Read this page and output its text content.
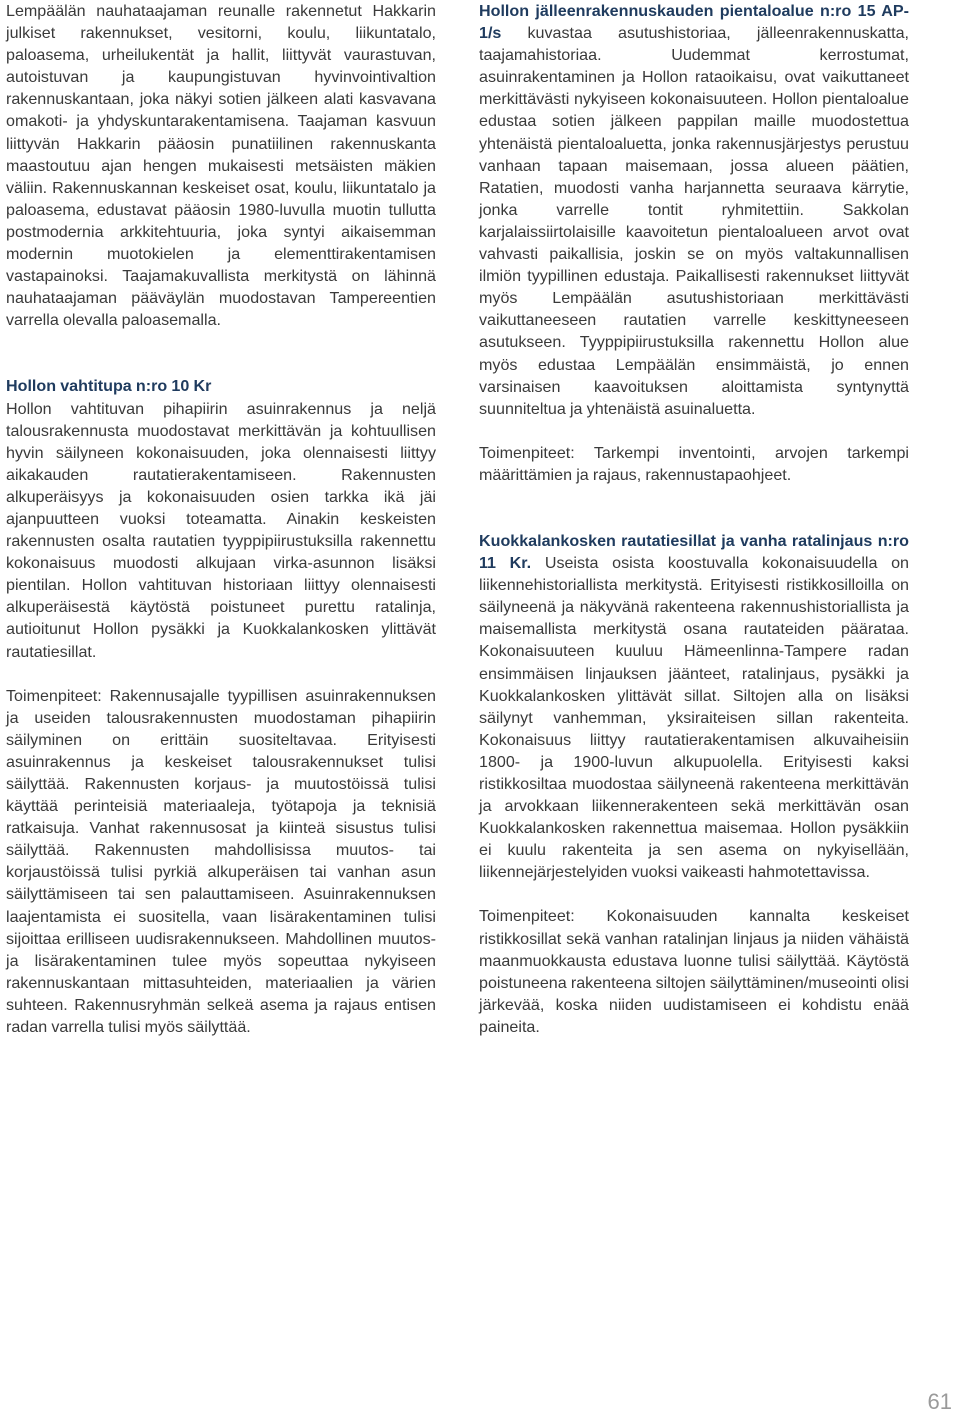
Lempäälän nauhataajaman reunalle rakennetut Hakkarin julkiset rakennukset, vesitorni, koulu, liikuntatalo, paloasema, urheilukentät ja hallit, liittyvät vaurastuvan, autoistuvan ja kaupungistuvan hyvinvointivaltion rakennuskantaan, joka näkyi sotien jälkeen alati kasvavana omakoti- ja yhdyskuntarakentamisena. Taajaman kasvuun liittyvän Hakkarin pääosin punatiilinen rakennuskanta maastoutuu ajan hengen mukaisesti metsäisten mäkien väliin. Rakennuskannan keskeiset osat, koulu, liikuntatalo ja paloasema, edustavat pääosin 1980-luvulla muotin tullutta postmodernia arkkitehtuuria, joka syntyi aikaisemman modernin muotokielen ja elementtirakentamisen vastapainoksi. Taajamakuvallista merkitystä on lähinnä nauhataajaman pääväylän muodostavan Tampereentien varrella olevalla paloasemalla.

Hollon vahtitupa n:ro 10 Kr
Hollon vahtituvan pihapiirin asuinrakennus ja neljä talousrakennusta muodostavat merkittävän ja kohtuullisen hyvin säilyneen kokonaisuuden, joka olennaisesti liittyy aikakauden rautatierakentamiseen. Rakennusten alkuperäisyys ja kokonaisuuden osien tarkka ikä jäi ajanpuutteen vuoksi toteamatta. Ainakin keskeisten rakennusten osalta rautatien tyyppipiirustuksilla rakennettu kokonaisuus muodosti alkujaan virka-asunnon lisäksi pientilan. Hollon vahtituvan historiaan liittyy olennaisesti alkuperäisestä käytöstä poistuneet purettu ratalinja, autioitunut Hollon pysäkki ja Kuokkalankosken ylittävät rautatiesillat.

Toimenpiteet: Rakennusajalle tyypillisen asuinrakennuksen ja useiden talousrakennusten muodostaman pihapiirin säilyminen on erittäin suositeltavaa. Erityisesti asuinrakennus ja keskeiset talousrakennukset tulisi säilyttää. Rakennusten korjaus- ja muutostöissä tulisi käyttää perinteisiä materiaaleja, työtapoja ja teknisiä ratkaisuja. Vanhat rakennusosat ja kiinteä sisustus tulisi säilyttää. Rakennusten mahdollisissa muutos- tai korjaustöissä tulisi pyrkiä alkuperäisen tai vanhan asun säilyttämiseen tai sen palauttamiseen. Asuinrakennuksen laajentamista ei suositella, vaan lisärakentaminen tulisi sijoittaa erilliseen uudisrakennukseen. Mahdollinen muutos- ja lisärakentaminen tulee myös sopeuttaa nykyiseen rakennuskantaan mittasuhteiden, materiaalien ja värien suhteen. Rakennusryhmän selkeä asema ja rajaus entisen radan varrella tulisi myös säilyttää.

Hollon jälleenrakennuskauden pientaloalue n:ro 15 AP-1/s kuvastaa asutushistoriaa, jälleenrakennuskatta, taajamahistoriaa. Uudemmat kerrostumat, asuinrakentaminen ja Hollon rataoikaisu, ovat vaikuttaneet merkittävästi nykyiseen kokonaisuuteen. Hollon pientaloalue edustaa sotien jälkeen pappilan maille muodostettua yhtenäistä pientaloaluetta, jonka rakennusjärjestys perustuu vanhaan tapaan maisemaan, jossa alueen päätien, Ratatien, muodosti vanha harjannetta seuraava kärrytie, jonka varrelle tontit ryhmitettiin. Sakkolan karjalaissiirtolaisille kaavoitetun pientaloalueen arvot ovat vahvasti paikallisia, joskin se on myös valtakunnallisen ilmiön tyypillinen edustaja. Paikallisesti rakennukset liittyvät myös Lempäälän asutushistoriaan merkittävästi vaikuttaneeseen rautatien varrelle keskittyneeseen asutukseen. Tyyppipiirustuksilla rakennettu Hollon alue myös edustaa Lempäälän ensimmäistä, jo ennen varsinaisen kaavoituksen aloittamista syntynyttä suunniteltua ja yhtenäistä asuinaluetta.

Toimenpiteet: Tarkempi inventointi, arvojen tarkempi määrittämien ja rajaus, rakennustapaohjeet.

Kuokkalankosken rautatiesillat ja vanha ratalinjaus n:ro 11 Kr. Useista osista koostuvalla kokonaisuudella on liikennehistoriallista merkitystä. Erityisesti ristikkosilloilla on säilyneenä ja näkyvänä rakenteena rakennushistoriallista ja maisemallista merkitystä osana rautateiden päärataa. Kokonaisuuteen kuuluu Hämeenlinna-Tampere radan ensimmäisen linjauksen jäänteet, ratalinjaus, pysäkki ja Kuokkalankosken ylittävät sillat. Siltojen alla on lisäksi säilynyt vanhemman, yksiraiteisen sillan rakenteita. Kokonaisuus liittyy rautatierakentamisen alkuvaiheisiin 1800- ja 1900-luvun alkupuolella. Erityisesti kaksi ristikkosiltaa muodostaa säilyneenä rakenteena merkittävän ja arvokkaan liikennerakenteen sekä merkittävän osan Kuokkalankosken rakennettua maisemaa. Hollon pysäkkiin ei kuulu rakenteita ja sen asema on nykyisellään, liikennejärjestelyiden vuoksi vaikeasti hahmotettavissa.

Toimenpiteet: Kokonaisuuden kannalta keskeiset ristikkosillat sekä vanhan ratalinjan linjaus ja niiden vähäistä maanmuokkausta edustava luonne tulisi säilyttää. Käytöstä poistuneena rakenteena siltojen säilyttäminen/museointi olisi järkevää, koska niiden uudistamiseen ei kohdistu enää paineita.

61
